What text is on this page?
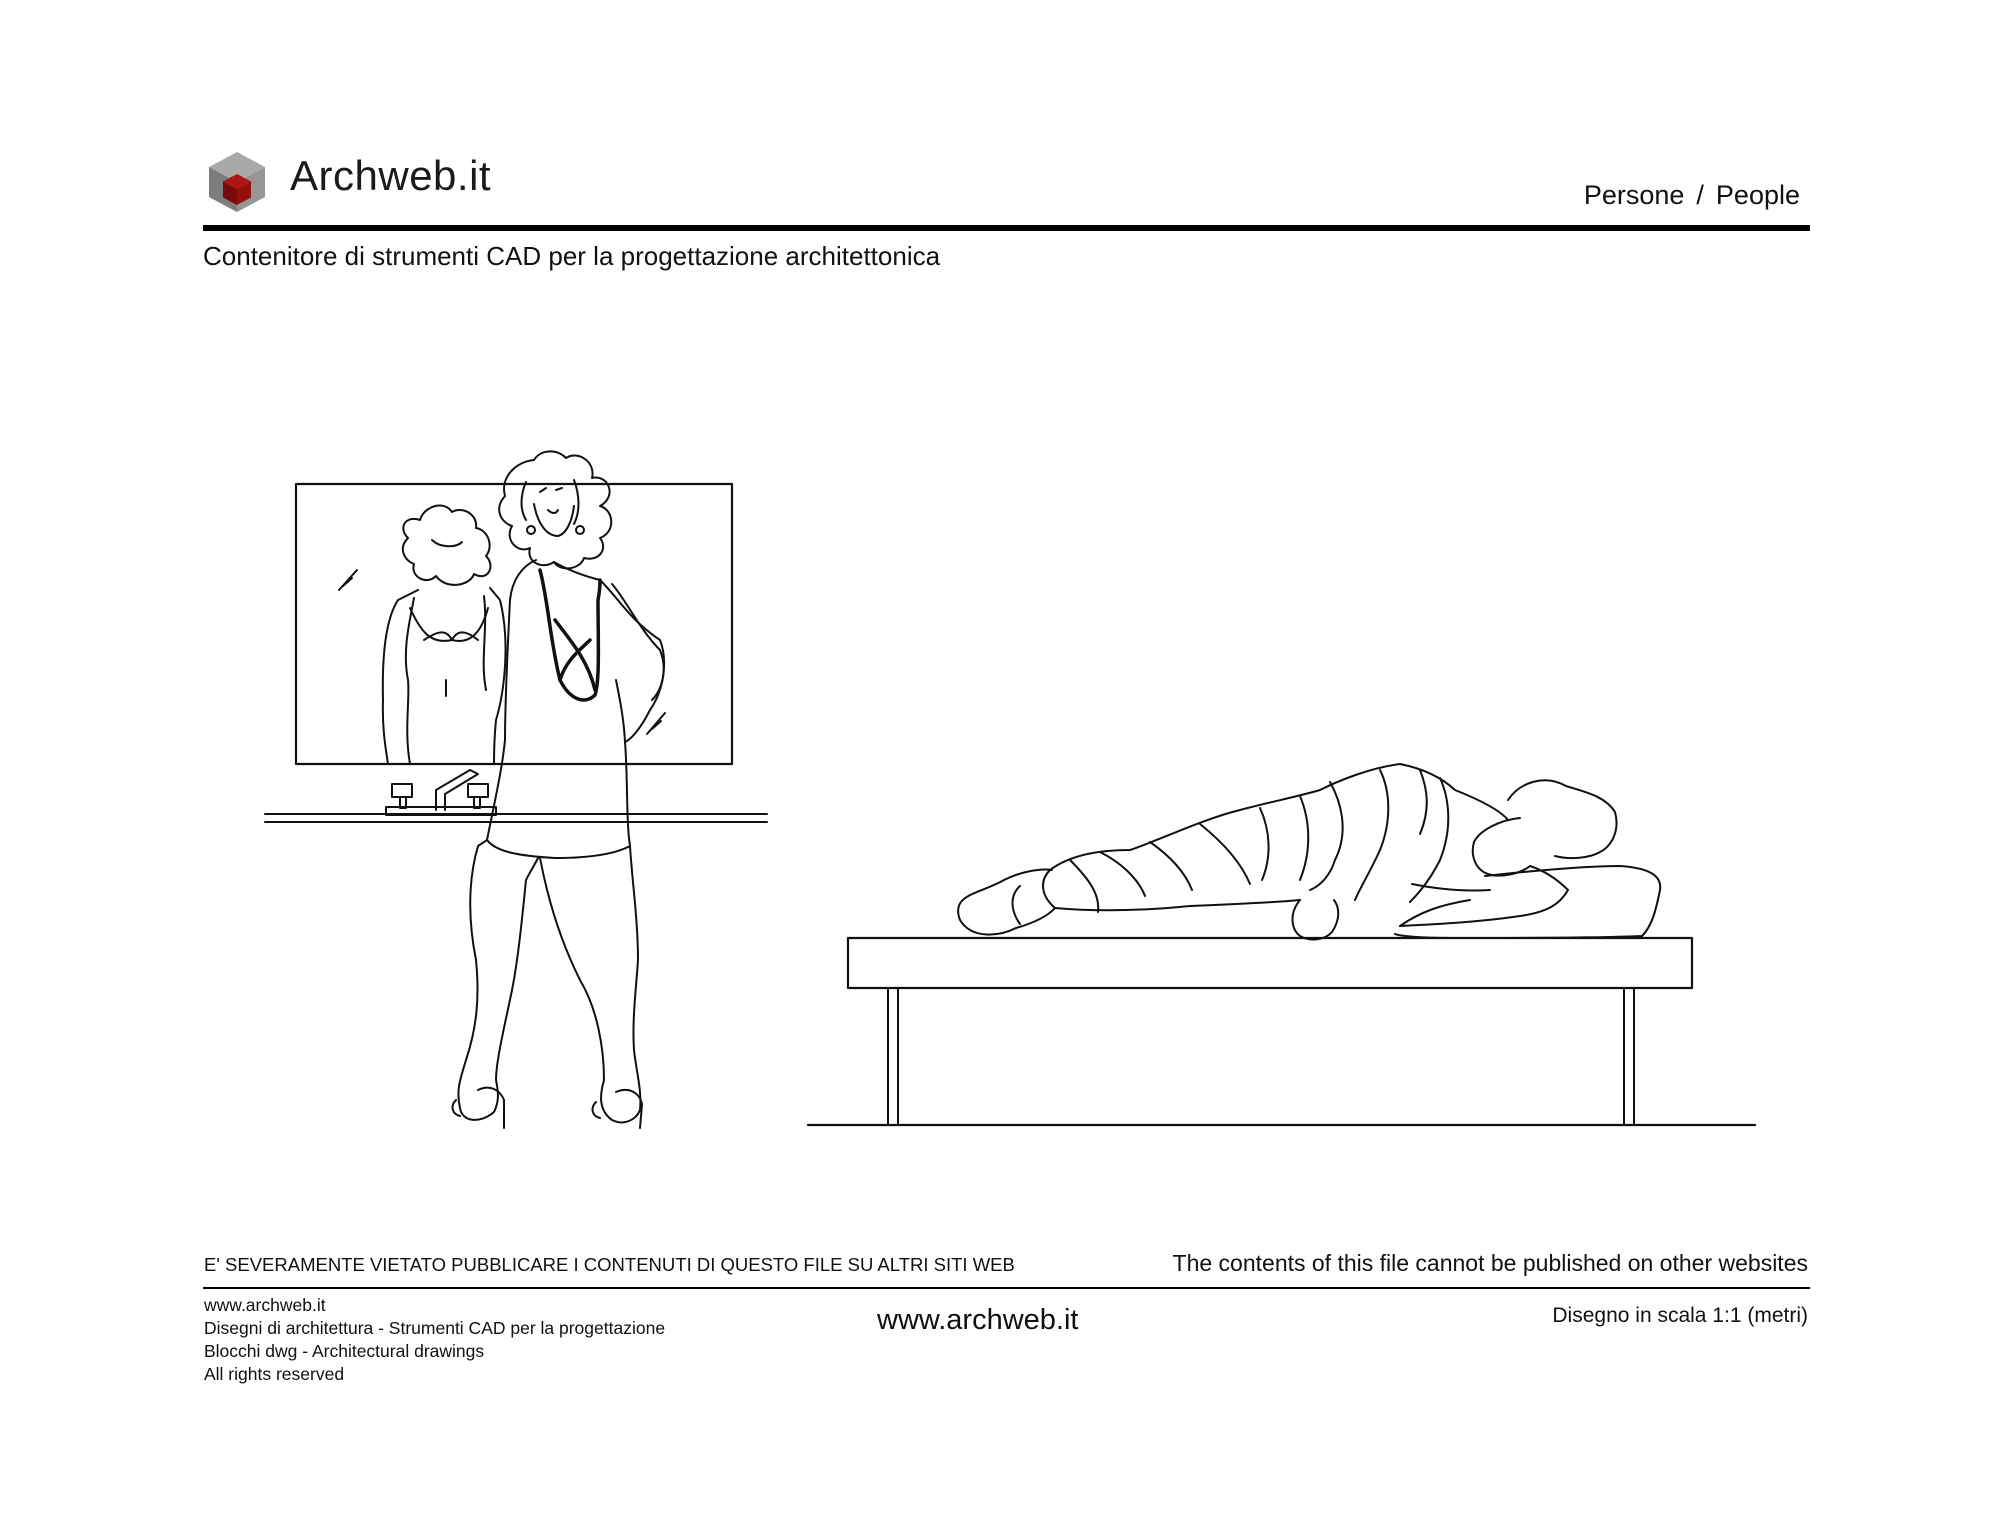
Archweb.it	Persone / People
Contenitore di strumenti CAD per la progettazione architettonica
E' SEVERAMENTE VIETATO PUBBLICARE I CONTENUTI DI QUESTO FILE SU ALTRI SITI WEB	The contents of this file cannot be published on other websites
www.archweb.it
Disegni di architettura - Strumenti CAD per la progettazione
Blocchi dwg - Architectural drawings
All rights reserved
www.archweb.it	Disegno in scala 1:1 (metri)
